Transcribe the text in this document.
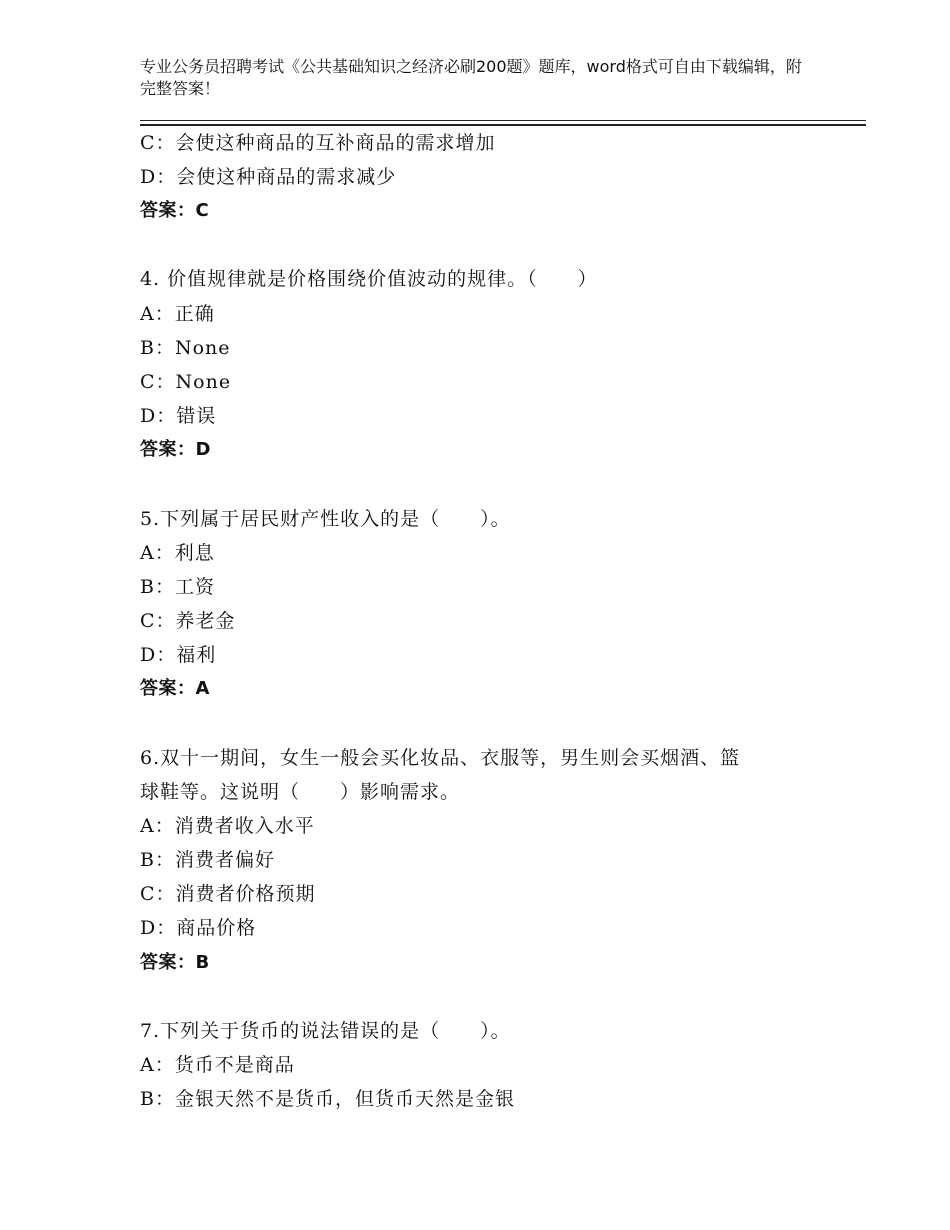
专业公务员招聘考试《公共基础知识之经济必刷200题》题库，word格式可自由下载编辑，附完整答案！
C：会使这种商品的互补商品的需求增加
D：会使这种商品的需求减少
答案：C
4. 价值规律就是价格围绕价值波动的规律。（　　）
A：正确
B：None
C：None
D：错误
答案：D
5.下列属于居民财产性收入的是（　　）。
A：利息
B：工资
C：养老金
D：福利
答案：A
6.双十一期间，女生一般会买化妆品、衣服等，男生则会买烟酒、篮
球鞋等。这说明（　　）影响需求。
A：消费者收入水平
B：消费者偏好
C：消费者价格预期
D：商品价格
答案：B
7.下列关于货币的说法错误的是（　　）。
A：货币不是商品
B：金银天然不是货币，但货币天然是金银
